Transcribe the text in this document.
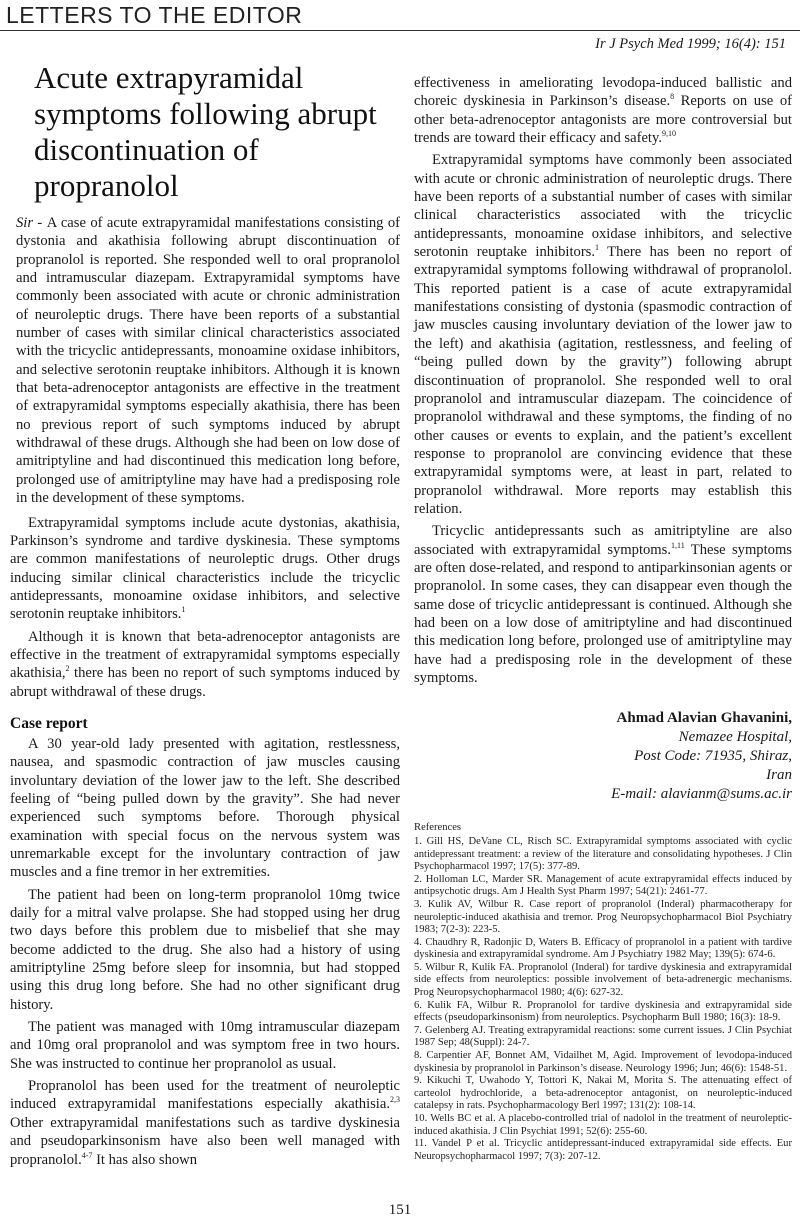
LETTERS TO THE EDITOR
Ir J Psych Med 1999; 16(4): 151
Acute extrapyramidal symptoms following abrupt discontinuation of propranolol

Sir - A case of acute extrapyramidal manifestations consisting of dystonia and akathisia following abrupt discontinuation of propranolol is reported. She responded well to oral propranolol and intramuscular diazepam. Extrapyramidal symptoms have commonly been associated with acute or chronic administration of neuroleptic drugs. There have been reports of a substantial number of cases with similar clinical characteristics associated with the tricyclic antidepressants, monoamine oxidase inhibitors, and selective serotonin reuptake inhibitors. Although it is known that beta-adrenoceptor antagonists are effective in the treatment of extrapyramidal symptoms especially akathisia, there has been no previous report of such symptoms induced by abrupt withdrawal of these drugs. Although she had been on low dose of amitriptyline and had discontinued this medication long before, prolonged use of amitriptyline may have had a predisposing role in the development of these symptoms.

Extrapyramidal symptoms include acute dystonias, akathisia, Parkinson’s syndrome and tardive dyskinesia. These symptoms are common manifestations of neuroleptic drugs. Other drugs inducing similar clinical characteristics include the tricyclic antidepressants, monoamine oxidase inhibitors, and selective serotonin reuptake inhibitors.$^1$

Although it is known that beta-adrenoceptor antagonists are effective in the treatment of extrapyramidal symptoms especially akathisia,$^2$ there has been no report of such symptoms induced by abrupt withdrawal of these drugs.

Case report

A 30 year-old lady presented with agitation, restlessness, nausea, and spasmodic contraction of jaw muscles causing involuntary deviation of the lower jaw to the left. She described feeling of “being pulled down by the gravity”. She had never experienced such symptoms before. Thorough physical examination with special focus on the nervous system was unremarkable except for the involuntary contraction of jaw muscles and a fine tremor in her extremities.

The patient had been on long-term propranolol 10mg twice daily for a mitral valve prolapse. She had stopped using her drug two days before this problem due to misbelief that she may become addicted to the drug. She also had a history of using amitriptyline 25mg before sleep for insomnia, but had stopped using this drug long before. She had no other significant drug history.

The patient was managed with 10mg intramuscular diazepam and 10mg oral propranolol and was symptom free in two hours. She was instructed to continue her propranolol as usual.

Propranolol has been used for the treatment of neuroleptic induced extrapyramidal manifestations especially akathisia.$^{2,3}$ Other extrapyramidal manifestations such as tardive dyskinesia and pseudoparkinsonism have also been well managed with propranolol.$^{4-7}$ It has also shown

effectiveness in ameliorating levodopa-induced ballistic and choreic dyskinesia in Parkinson’s disease.$^8$ Reports on use of other beta-adrenoceptor antagonists are more controversial but trends are toward their efficacy and safety.$^{9,10}$

Extrapyramidal symptoms have commonly been associated with acute or chronic administration of neuroleptic drugs. There have been reports of a substantial number of cases with similar clinical characteristics associated with the tricyclic antidepressants, monoamine oxidase inhibitors, and selective serotonin reuptake inhibitors.$^1$ There has been no report of extrapyramidal symptoms following withdrawal of propranolol. This reported patient is a case of acute extrapyramidal manifestations consisting of dystonia (spasmodic contraction of jaw muscles causing involuntary deviation of the lower jaw to the left) and akathisia (agitation, restlessness, and feeling of “being pulled down by the gravity”) following abrupt discontinuation of propranolol. She responded well to oral propranolol and intramuscular diazepam. The coincidence of propranolol withdrawal and these symptoms, the finding of no other causes or events to explain, and the patient’s excellent response to propranolol are convincing evidence that these extrapyramidal symptoms were, at least in part, related to propranolol withdrawal. More reports may establish this relation.

Tricyclic antidepressants such as amitriptyline are also associated with extrapyramidal symptoms.$^{1,11}$ These symptoms are often dose-related, and respond to antiparkinsonian agents or propranolol. In some cases, they can disappear even though the same dose of tricyclic antidepressant is continued. Although she had been on a low dose of amitriptyline and had discontinued this medication long before, prolonged use of amitriptyline may have had a predisposing role in the development of these symptoms.

Ahmad Alavian Ghavanini,
Nemazee Hospital,
Post Code: 71935, Shiraz,
Iran
E-mail: alavianm@sums.ac.ir
References
1. Gill HS, DeVane CL, Risch SC. Extrapyramidal symptoms associated with cyclic antidepressant treatment: a review of the literature and consolidating hypotheses. J Clin Psychopharmacol 1997; 17(5): 377-89.
2. Holloman LC, Marder SR. Management of acute extrapyramidal effects induced by antipsychotic drugs. Am J Health Syst Pharm 1997; 54(21): 2461-77.
3. Kulik AV, Wilbur R. Case report of propranolol (Inderal) pharmacotherapy for neuroleptic-induced akathisia and tremor. Prog Neuropsychopharmacol Biol Psychiatry 1983; 7(2-3): 223-5.
4. Chaudhry R, Radonjic D, Waters B. Efficacy of propranolol in a patient with tardive dyskinesia and extrapyramidal syndrome. Am J Psychiatry 1982 May; 139(5): 674-6.
5. Wilbur R, Kulik FA. Propranolol (Inderal) for tardive dyskinesia and extrapyramidal side effects from neuroleptics: possible involvement of beta-adrenergic mechanisms. Prog Neuropsychopharmacol 1980; 4(6): 627-32.
6. Kulik FA, Wilbur R. Propranolol for tardive dyskinesia and extrapyramidal side effects (pseudoparkinsonism) from neuroleptics. Psychopharm Bull 1980; 16(3): 18-9.
7. Gelenberg AJ. Treating extrapyramidal reactions: some current issues. J Clin Psychiat 1987 Sep; 48(Suppl): 24-7.
8. Carpentier AF, Bonnet AM, Vidailhet M, Agid. Improvement of levodopa-induced dyskinesia by propranolol in Parkinson’s disease. Neurology 1996; Jun; 46(6): 1548-51.
9. Kikuchi T, Uwahodo Y, Tottori K, Nakai M, Morita S. The attenuating effect of carteolol hydrochloride, a beta-adrenoceptor antagonist, on neuroleptic-induced catalepsy in rats. Psychopharmacology Berl 1997; 131(2): 108-14.
10. Wells BC et al. A placebo-controlled trial of nadolol in the treatment of neuroleptic-induced akathisia. J Clin Psychiat 1991; 52(6): 255-60.
11. Vandel P et al. Tricyclic antidepressant-induced extrapyramidal side effects. Eur Neuropsychopharmacol 1997; 7(3): 207-12.
151
